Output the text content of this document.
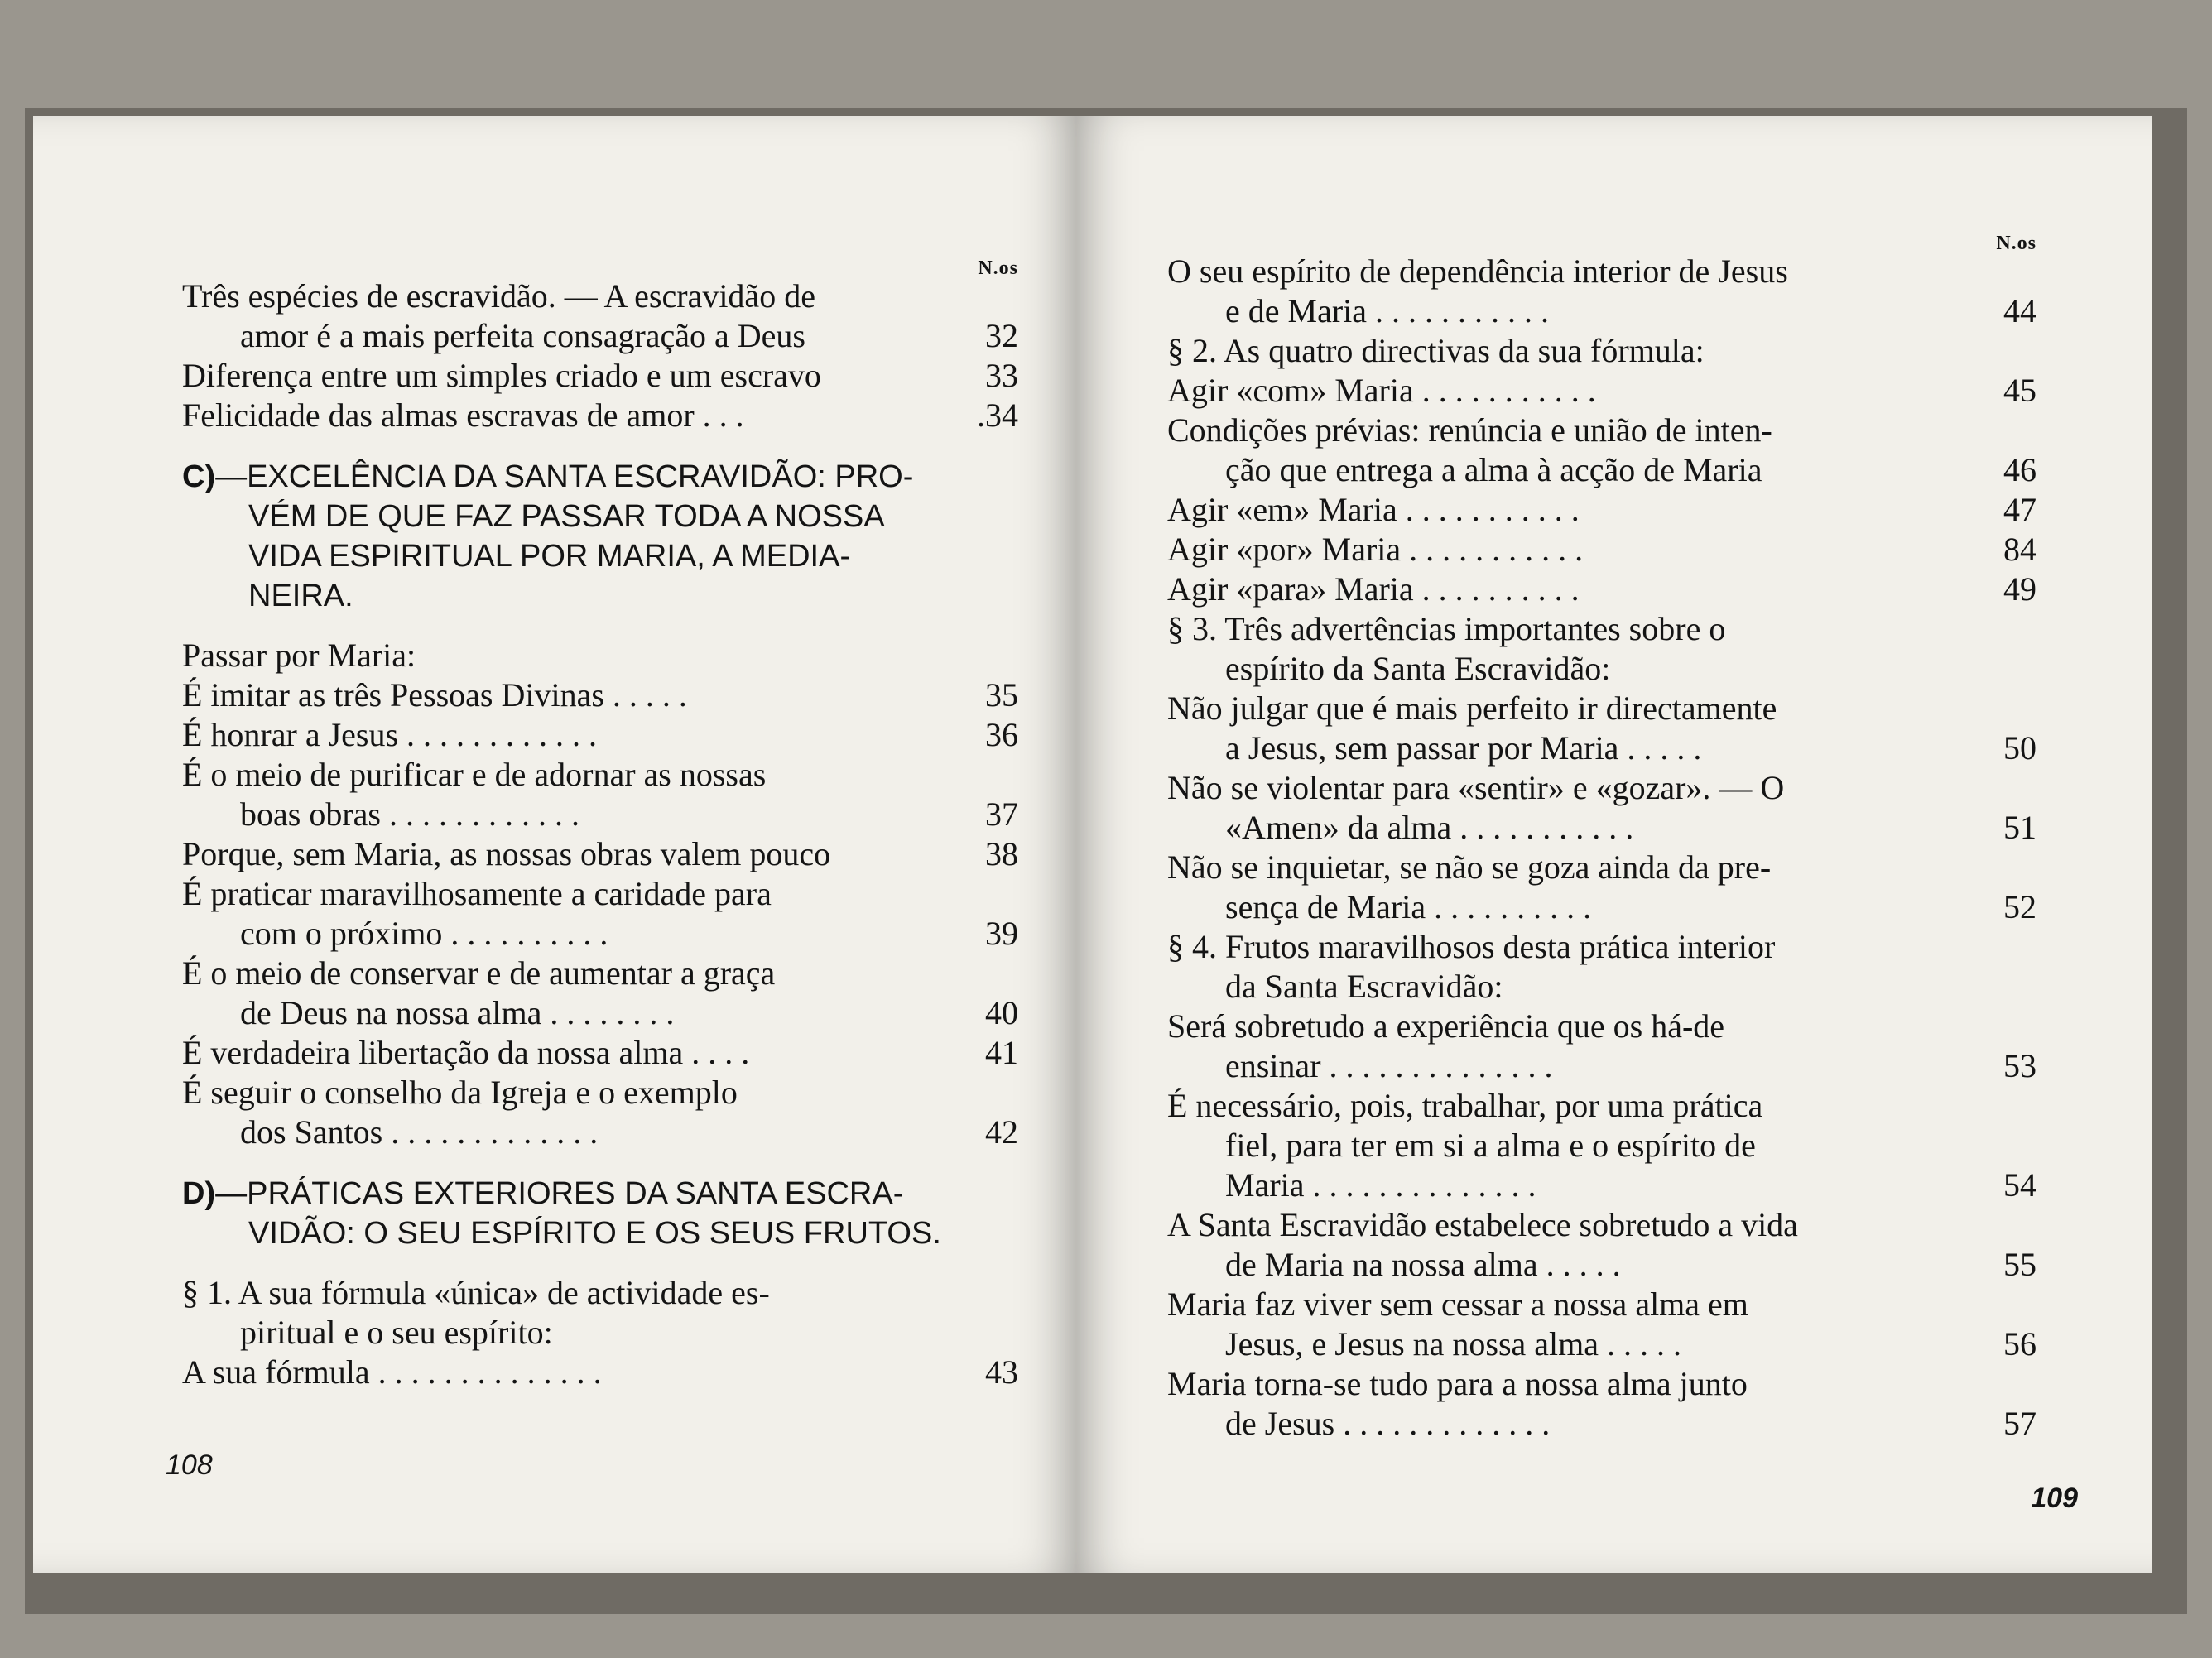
N.os
Três espécies de escravidão. — A escravidão de
amor é a mais perfeita consagração a Deus	32
Diferença entre um simples criado e um escravo	33
Felicidade das almas escravas de amor . . .	.34
C)—EXCELÊNCIA DA SANTA ESCRAVIDÃO: PRO-
VÉM DE QUE FAZ PASSAR TODA A NOSSA
VIDA ESPIRITUAL POR MARIA, A MEDIA-
NEIRA.
Passar por Maria:
É imitar as três Pessoas Divinas . . . . .	35
É honrar a Jesus . . . . . . . . . . . .	36
É o meio de purificar e de adornar as nossas
boas obras . . . . . . . . . . . .	37
Porque, sem Maria, as nossas obras valem pouco	38
É praticar maravilhosamente a caridade para
com o próximo . . . . . . . . . .	39
É o meio de conservar e de aumentar a graça
de Deus na nossa alma . . . . . . . .	40
É verdadeira libertação da nossa alma . . . .	41
É seguir o conselho da Igreja e o exemplo
dos Santos . . . . . . . . . . . . .	42
D)—PRÁTICAS EXTERIORES DA SANTA ESCRA-
VIDÃO: O SEU ESPÍRITO E OS SEUS FRUTOS.
§ 1. A sua fórmula «única» de actividade es-
piritual e o seu espírito:
A sua fórmula . . . . . . . . . . . . . .	43
108
N.os
O seu espírito de dependência interior de Jesus
e de Maria . . . . . . . . . . .	44
§ 2. As quatro directivas da sua fórmula:
Agir «com» Maria . . . . . . . . . . .	45
Condições prévias: renúncia e união de inten-
ção que entrega a alma à acção de Maria	46
Agir «em» Maria . . . . . . . . . . .	47
Agir «por» Maria . . . . . . . . . . .	84
Agir «para» Maria . . . . . . . . . .	49
§ 3. Três advertências importantes sobre o
espírito da Santa Escravidão:
Não julgar que é mais perfeito ir directamente
a Jesus, sem passar por Maria . . . . .	50
Não se violentar para «sentir» e «gozar». — O
«Amen» da alma . . . . . . . . . . .	51
Não se inquietar, se não se goza ainda da pre-
sença de Maria . . . . . . . . . .	52
§ 4. Frutos maravilhosos desta prática interior
da Santa Escravidão:
Será sobretudo a experiência que os há-de
ensinar . . . . . . . . . . . . . .	53
É necessário, pois, trabalhar, por uma prática
fiel, para ter em si a alma e o espírito de
Maria . . . . . . . . . . . . . .	54
A Santa Escravidão estabelece sobretudo a vida
de Maria na nossa alma . . . . .	55
Maria faz viver sem cessar a nossa alma em
Jesus, e Jesus na nossa alma . . . . .	56
Maria torna-se tudo para a nossa alma junto
de Jesus . . . . . . . . . . . . .	57
109
